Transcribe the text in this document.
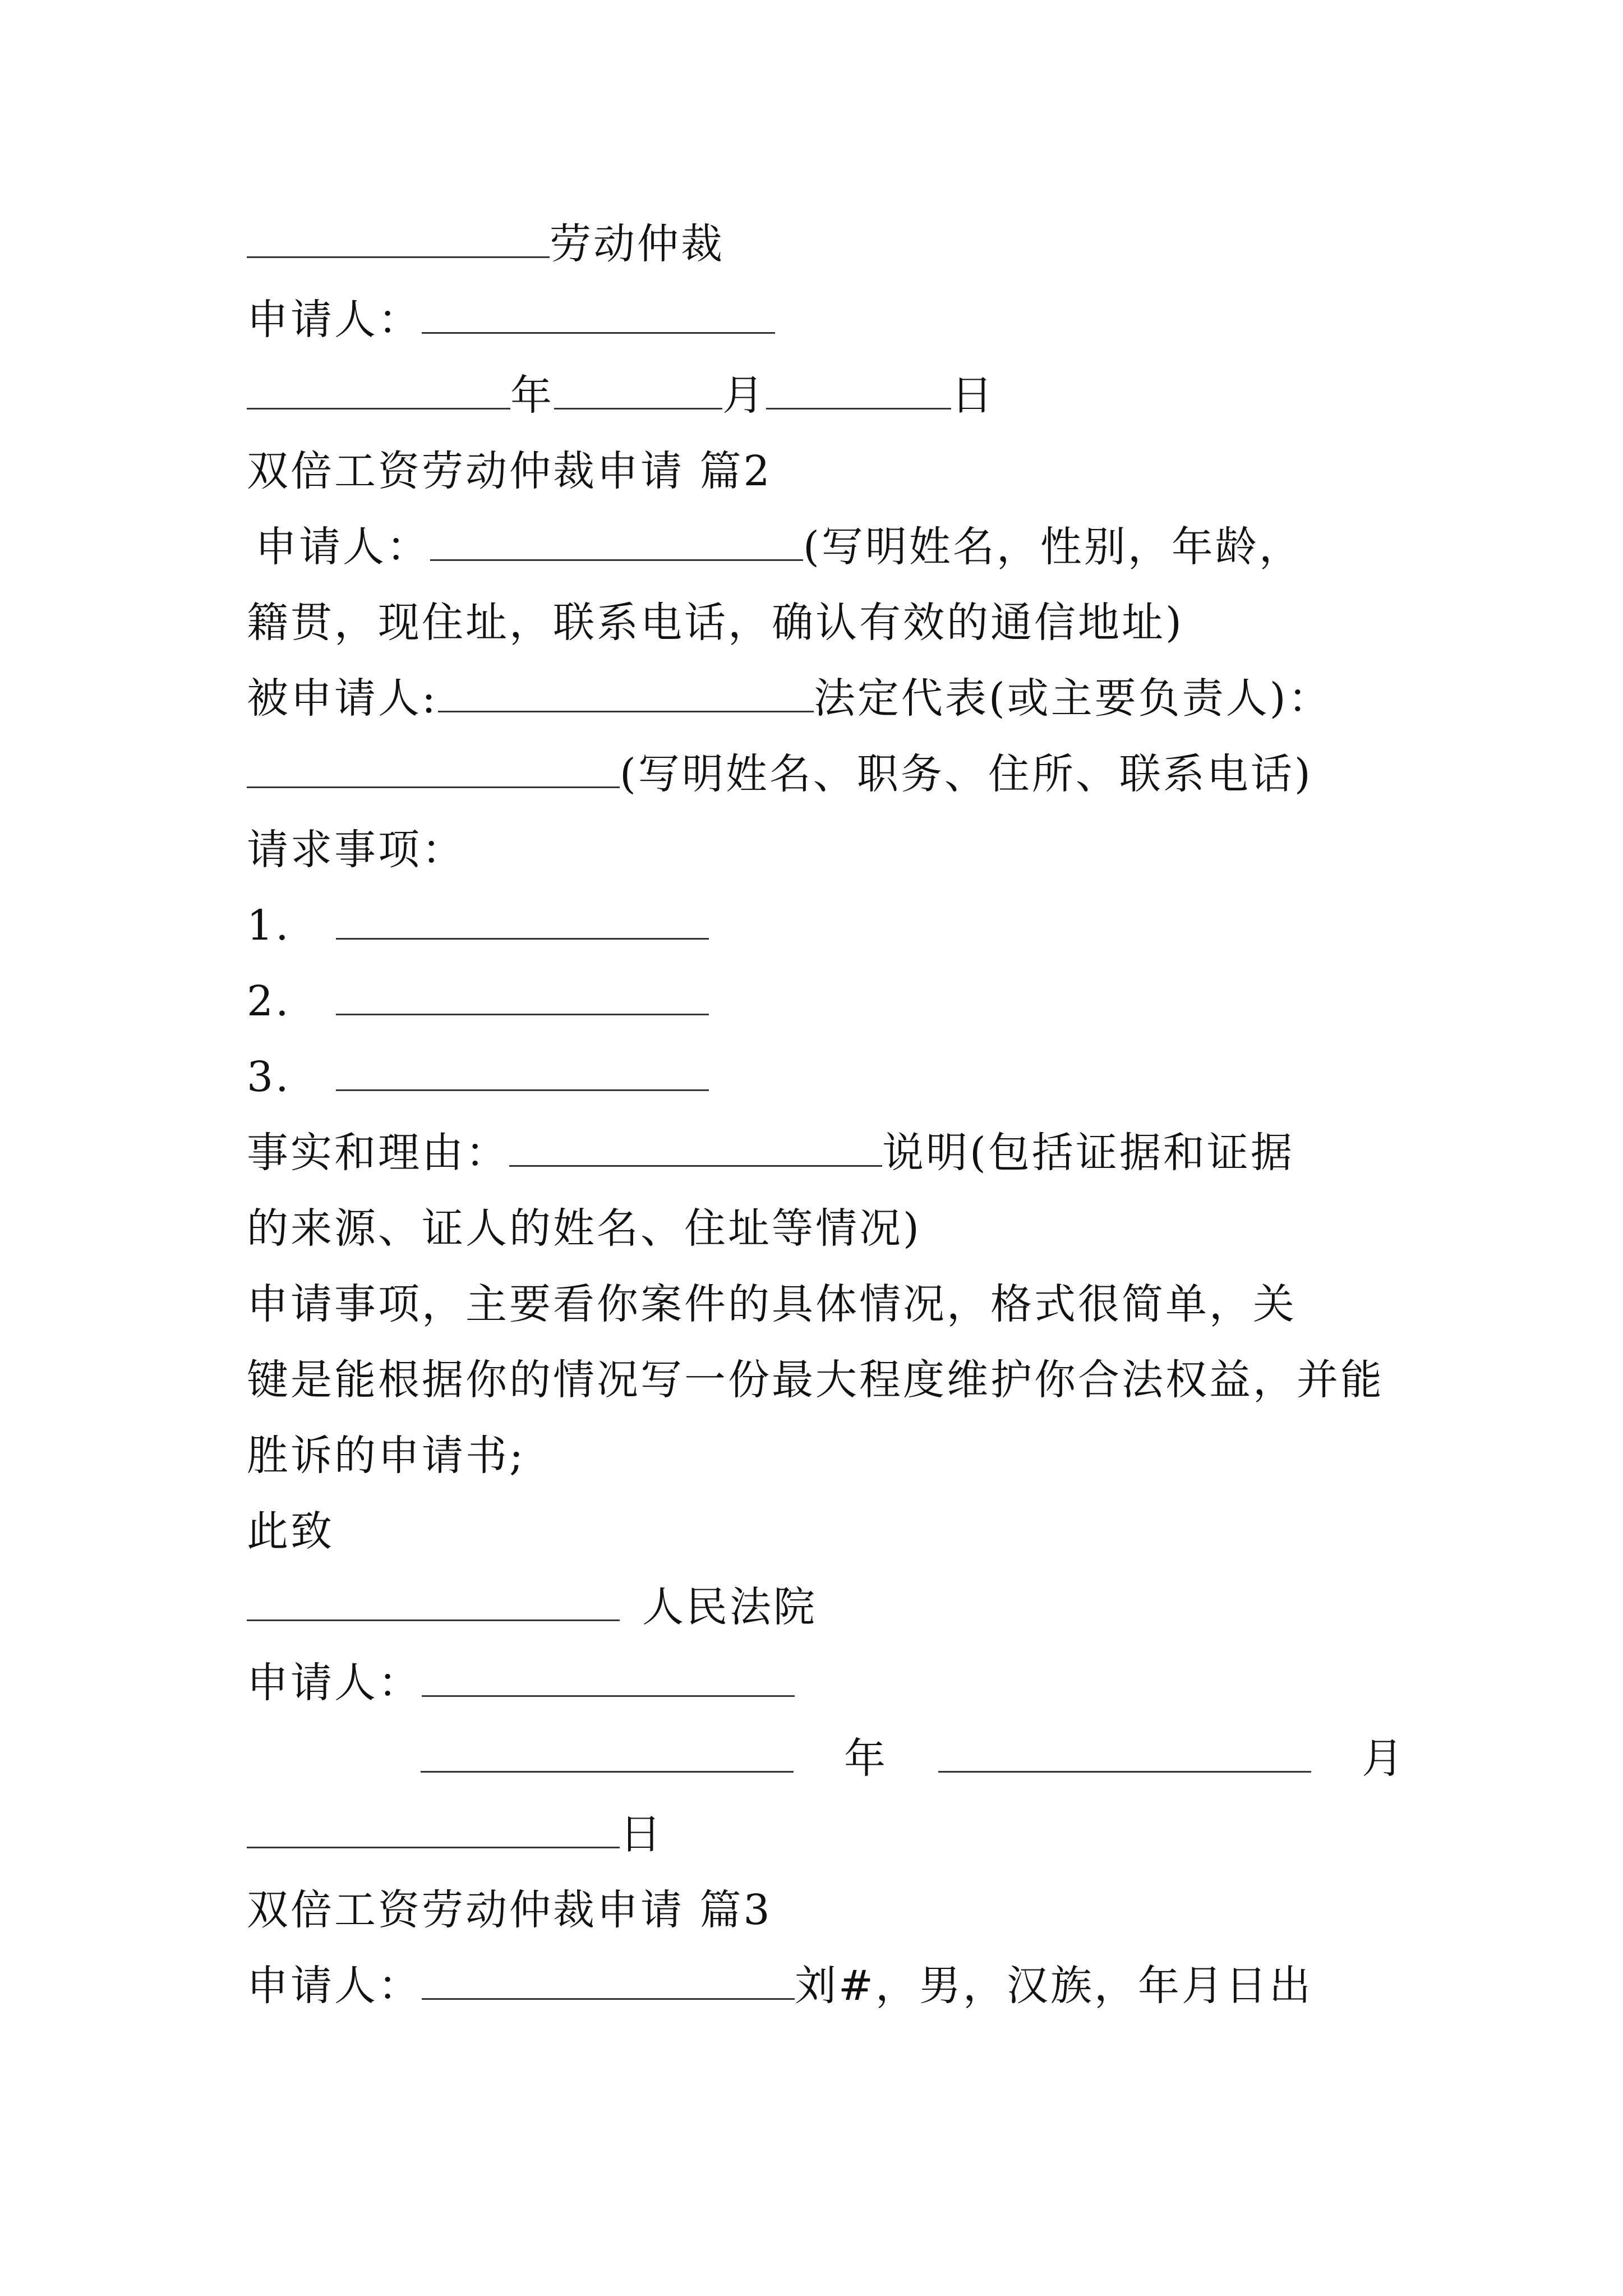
劳动仲裁
申请人：
年	月	日
双倍工资劳动仲裁申请 篇2
申请人：	(写明姓名，性别，年龄，
籍贯，现住址，联系电话，确认有效的通信地址)
被申请人:	法定代表(或主要负责人)：
(写明姓名、职务、住所、联系电话)
请求事项：
1.
2.
3.
事实和理由：	说明(包括证据和证据
的来源、证人的姓名、住址等情况)
申请事项，主要看你案件的具体情况，格式很简单，关
键是能根据你的情况写一份最大程度维护你合法权益，并能
胜诉的申请书;
此致
人民法院
申请人：
年	月
日
双倍工资劳动仲裁申请 篇3
申请人：	刘#，男，汉族，年月日出
